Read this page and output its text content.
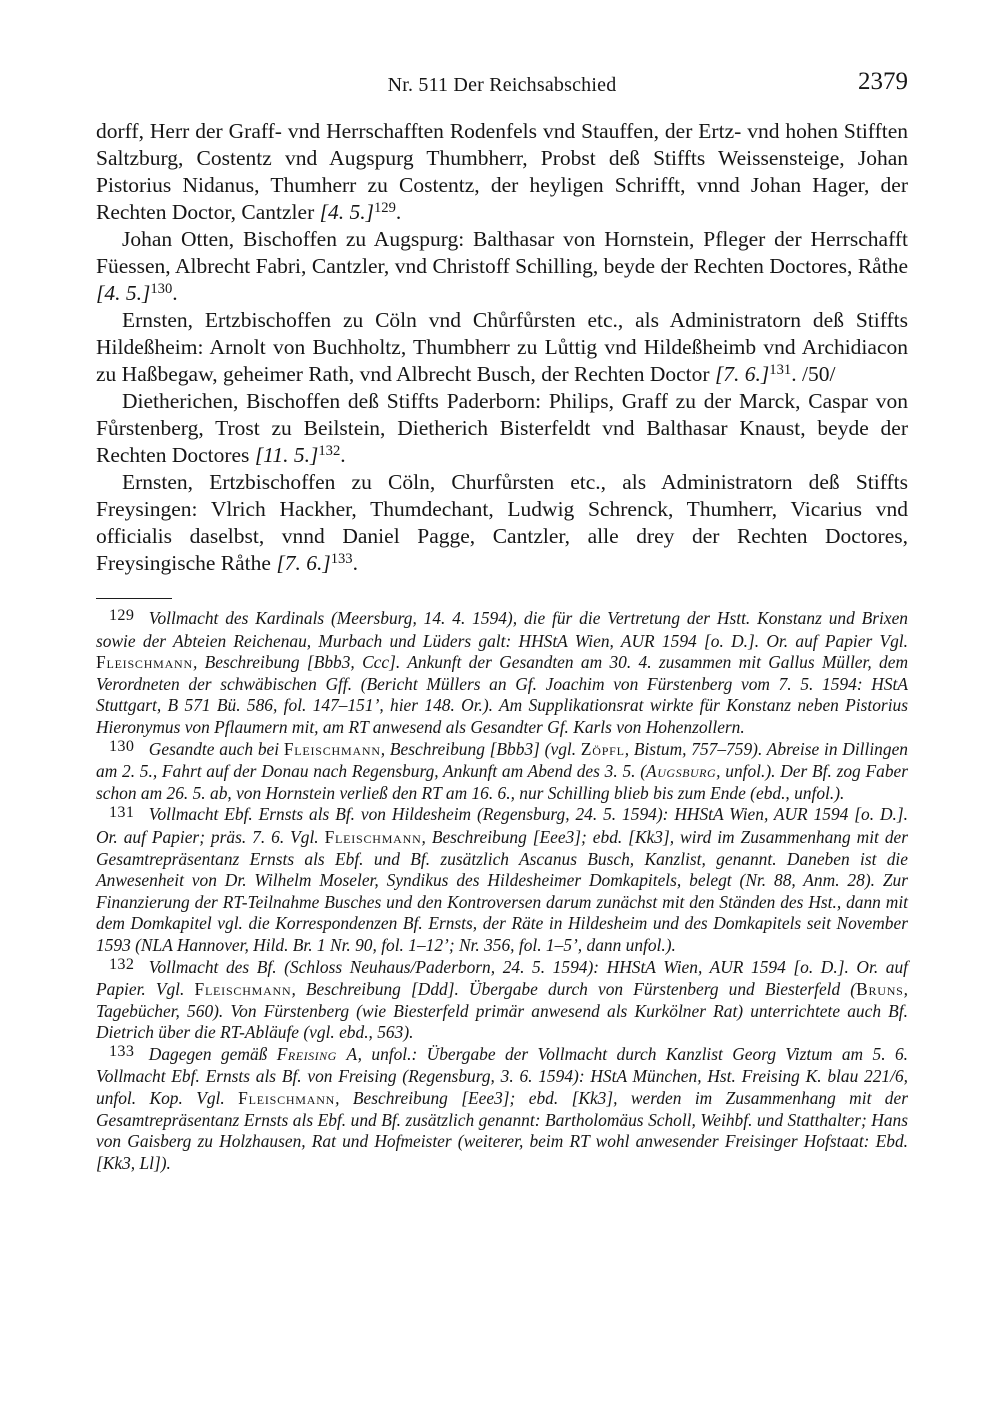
Nr. 511 Der Reichsabschied	2379

dorff, Herr der Graff- vnd Herrschafften Rodenfels vnd Stauffen, der Ertz- vnd hohen Stifften Saltzburg, Costentz vnd Augspurg Thumbherr, Probst deß Stiffts Weissensteige, Johan Pistorius Nidanus, Thumherr zu Costentz, der heyligen Schrifft, vnnd Johan Hager, der Rechten Doctor, Cantzler [4. 5.]$^{129}$.

Johan Otten, Bischoffen zu Augspurg: Balthasar von Hornstein, Pfleger der Herrschafft Füessen, Albrecht Fabri, Cantzler, vnd Christoff Schilling, beyde der Rechten Doctores, Råthe [4. 5.]$^{130}$.

Ernsten, Ertzbischoffen zu Cöln vnd Chůrfůrsten etc., als Administratorn deß Stiffts Hildeßheim: Arnolt von Buchholtz, Thumbherr zu Lůttig vnd Hildeßheimb vnd Archidiacon zu Haßbegaw, geheimer Rath, vnd Albrecht Busch, der Rechten Doctor [7. 6.]$^{131}$. /50/

Dietherichen, Bischoffen deß Stiffts Paderborn: Philips, Graff zu der Marck, Caspar von Fůrstenberg, Trost zu Beilstein, Dietherich Bisterfeldt vnd Balthasar Knaust, beyde der Rechten Doctores [11. 5.]$^{132}$.

Ernsten, Ertzbischoffen zu Cöln, Churfůrsten etc., als Administratorn deß Stiffts Freysingen: Vlrich Hackher, Thumdechant, Ludwig Schrenck, Thumherr, Vicarius vnd officialis daselbst, vnnd Daniel Pagge, Cantzler, alle drey der Rechten Doctores, Freysingische Råthe [7. 6.]$^{133}$.

129 Vollmacht des Kardinals (Meersburg, 14. 4. 1594), die für die Vertretung der Hstt. Konstanz und Brixen sowie der Abteien Reichenau, Murbach und Lüders galt: HHStA Wien, AUR 1594 [o. D.]. Or. auf Papier Vgl. Fleischmann, Beschreibung [Bbb3, Ccc]. Ankunft der Gesandten am 30. 4. zusammen mit Gallus Müller, dem Verordneten der schwäbischen Gff. (Bericht Müllers an Gf. Joachim von Fürstenberg vom 7. 5. 1594: HStA Stuttgart, B 571 Bü. 586, fol. 147–151’, hier 148. Or.). Am Supplikationsrat wirkte für Konstanz neben Pistorius Hieronymus von Pflaumern mit, am RT anwesend als Gesandter Gf. Karls von Hohenzollern.

130 Gesandte auch bei Fleischmann, Beschreibung [Bbb3] (vgl. Zöpfl, Bistum, 757–759). Abreise in Dillingen am 2. 5., Fahrt auf der Donau nach Regensburg, Ankunft am Abend des 3. 5. (Augsburg, unfol.). Der Bf. zog Faber schon am 26. 5. ab, von Hornstein verließ den RT am 16. 6., nur Schilling blieb bis zum Ende (ebd., unfol.).

131 Vollmacht Ebf. Ernsts als Bf. von Hildesheim (Regensburg, 24. 5. 1594): HHStA Wien, AUR 1594 [o. D.]. Or. auf Papier; präs. 7. 6. Vgl. Fleischmann, Beschreibung [Eee3]; ebd. [Kk3], wird im Zusammenhang mit der Gesamtrepräsentanz Ernsts als Ebf. und Bf. zusätzlich Ascanus Busch, Kanzlist, genannt. Daneben ist die Anwesenheit von Dr. Wilhelm Moseler, Syndikus des Hildesheimer Domkapitels, belegt (Nr. 88, Anm. 28). Zur Finanzierung der RT-Teilnahme Busches und den Kontroversen darum zunächst mit den Ständen des Hst., dann mit dem Domkapitel vgl. die Korrespondenzen Bf. Ernsts, der Räte in Hildesheim und des Domkapitels seit November 1593 (NLA Hannover, Hild. Br. 1 Nr. 90, fol. 1–12’; Nr. 356, fol. 1–5’, dann unfol.).

132 Vollmacht des Bf. (Schloss Neuhaus/Paderborn, 24. 5. 1594): HHStA Wien, AUR 1594 [o. D.]. Or. auf Papier. Vgl. Fleischmann, Beschreibung [Ddd]. Übergabe durch von Fürstenberg und Biesterfeld (Bruns, Tagebücher, 560). Von Fürstenberg (wie Biesterfeld primär anwesend als Kurkölner Rat) unterrichtete auch Bf. Dietrich über die RT-Abläufe (vgl. ebd., 563).

133 Dagegen gemäß Freising A, unfol.: Übergabe der Vollmacht durch Kanzlist Georg Viztum am 5. 6. Vollmacht Ebf. Ernsts als Bf. von Freising (Regensburg, 3. 6. 1594): HStA München, Hst. Freising K. blau 221/6, unfol. Kop. Vgl. Fleischmann, Beschreibung [Eee3]; ebd. [Kk3], werden im Zusammenhang mit der Gesamtrepräsentanz Ernsts als Ebf. und Bf. zusätzlich genannt: Bartholomäus Scholl, Weihbf. und Statthalter; Hans von Gaisberg zu Holzhausen, Rat und Hofmeister (weiterer, beim RT wohl anwesender Freisinger Hofstaat: Ebd. [Kk3, Ll]).
